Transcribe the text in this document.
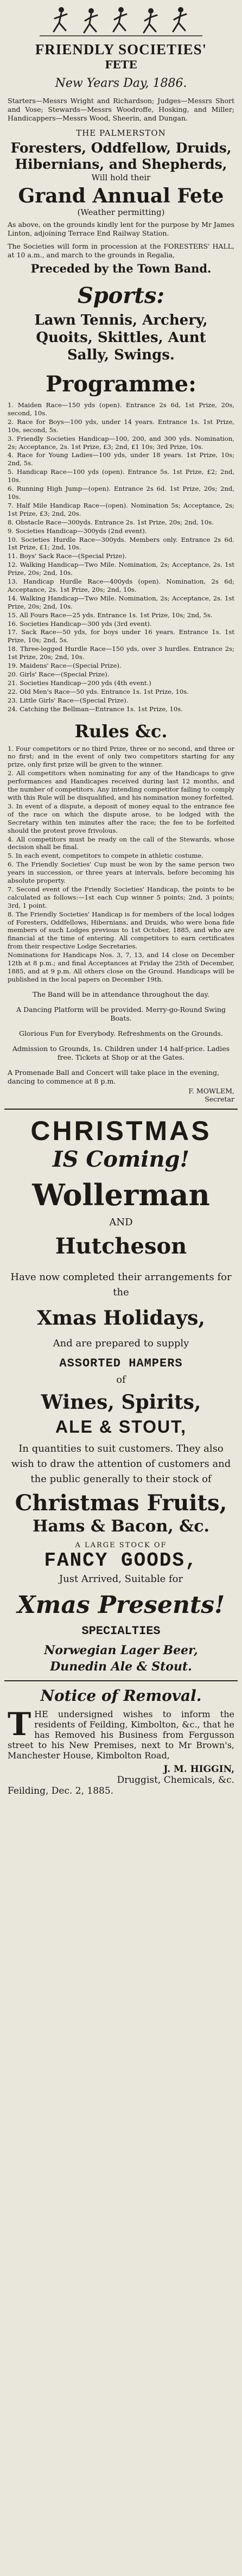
FRIENDLY SOCIETIES'
FETE
New Years Day, 1886.
Starters—Messrs Wright and Richardson; Judges—Messrs Short and Vose; Stewards—Messrs Woodroffe, Hosking, and Miller; Handicappers—Messrs Wood, Sheerin, and Dungan.
THE PALMERSTON
Foresters, Oddfellow, Druids,
Hibernians, and Shepherds,
Will hold their
Grand Annual Fete
(Weather permitting)
As above, on the grounds kindly lent for the purpose by Mr James Linton, adjoining Terrace End Railway Station.
The Societies will form in procession at the FORESTERS' HALL, at 10 a.m., and march to the grounds in Regalia,
Preceded by the Town Band.
Sports:
Lawn Tennis, Archery,
Quoits, Skittles, Aunt
Sally, Swings.
Programme:

1. Maiden Race—150 yds (open). Entrance 2s 6d, 1st Prize, 20s, second, 10s.

2. Race for Boys—100 yds, under 14 years. Entrance 1s. 1st Prize, 10s, second, 5s.

3. Friendly Societies Handicap—100, 200, and 300 yds. Nomination, 2s; Acceptance, 2s. 1st Prize, £3; 2nd, £1 10s; 3rd Prize, 10s.

4. Race for Young Ladies—100 yds, under 18 years. 1st Prize, 10s; 2nd, 5s.

5. Handicap Race—100 yds (open). Entrance 5s. 1st Prize, £2; 2nd, 10s.

6. Running High Jump—(open). Entrance 2s 6d. 1st Prize, 20s; 2nd, 10s.

7. Half Mile Handicap Race—(open). Nomination 5s; Acceptance, 2s; 1st Prize, £3; 2nd, 20s.

8. Obstacle Race—300yds. Entrance 2s. 1st Prize, 20s; 2nd, 10s.

9. Societies Handicap—300yds (2nd event).

10. Societies Hurdle Race—300yds. Members only. Entrance 2s 6d. 1st Prize, £1; 2nd, 10s.

11. Boys' Sack Race—(Special Prize).

12. Walking Handicap—Two Mile. Nomination, 2s; Acceptance, 2s. 1st Prize, 20s; 2nd, 10s.

13. Handicap Hurdle Race—400yds (open). Nomination, 2s 6d; Acceptance, 2s. 1st Prize, 20s; 2nd, 10s.

14. Walking Handicap—Two Mile. Nomination, 2s; Acceptance, 2s. 1st Prize, 20s; 2nd, 10s.

15. All Fours Race—25 yds. Entrance 1s. 1st Prize, 10s; 2nd, 5s.

16. Societies Handicap—300 yds (3rd event).

17. Sack Race—50 yds, for boys under 16 years. Entrance 1s. 1st Prize, 10s; 2nd, 5s.

18. Three-legged Hurdle Race—150 yds, over 3 hurdles. Entrance 2s; 1st Prize, 20s; 2nd, 10s.

19. Maidens' Race—(Special Prize).

20. Girls' Race—(Special Prize).

21. Societies Handicap—200 yds (4th event.)

22. Old Men's Race—50 yds. Entrance 1s. 1st Prize, 10s.

23. Little Girls' Race—(Special Prize).

24. Catching the Bellman—Entrance 1s. 1st Prize, 10s.

Rules &c.

1. Four competitors or no third Prize, three or no second, and three or no first; and in the event of only two competitors starting for any prize, only first prize will be given to the winner.

2. All competitors when nominating for any of the Handicaps to give performances and Handicapes received during last 12 months, and the number of competitors. Any intending competitor failing to comply with this Rule will be disqualified, and his nomination money forfeited.

3. In event of a dispute, a deposit of money equal to the entrance fee of the race on which the dispute arose, to be lodged with the Secretary within ten minutes after the race; the fee to be forfeited should the protest prove frivolous.

4. All competitors must be ready on the call of the Stewards, whose decision shall be final.

5. In each event, competitors to compete in athletic costume.

6. The Friendly Societies' Cup must be won by the same person two years in succession, or three years at intervals, before becoming his absolute property.

7. Second event of the Friendly Societies' Handicap, the points to be calculated as follows:—1st each Cup winner 5 points; 2nd, 3 points; 3rd, 1 point.

8. The Friendly Societies' Handicap is for members of the local lodges of Foresters, Oddfellows, Hibernians, and Druids, who were bona fide members of such Lodges previous to 1st October, 1885, and who are financial at the time of entering. All competitors to earn certificates from their respective Lodge Secretaries.

Nominations for Handicaps Nos. 3, 7, 13, and 14 close on December 12th at 8 p.m.; and final Acceptances at Friday the 25th of December, 1885, and at 9 p.m. All others close on the Ground. Handicaps will be published in the local papers on December 19th.

The Band will be in attendance throughout the day.
A Dancing Platform will be provided. Merry-go-Round Swing Boats.
Glorious Fun for Everybody. Refreshments on the Grounds.
Admission to Grounds, 1s. Children under 14 half-price. Ladies free. Tickets at Shop or at the Gates.
A Promenade Ball and Concert will take place in the evening, dancing to commence at 8 p.m.
F. MOWLEM,
Secretar
CHRISTMAS
IS Coming!
Wollerman
AND
Hutcheson
Have now completed their arrangements for the
Xmas Holidays,
And are prepared to supply
ASSORTED HAMPERS
of
Wines, Spirits,
ALE & STOUT,
In quantities to suit customers. They also wish to draw the attention of customers and the public generally to their stock of
Christmas Fruits,
Hams & Bacon, &c.
A LARGE STOCK OF
FANCY GOODS,
Just Arrived, Suitable for
Xmas Presents!
SPECIALTIES
Norwegian Lager Beer,
Dunedin Ale & Stout.
Notice of Removal.
T HE undersigned wishes to inform the residents of Feilding, Kimbolton, &c., that he has Removed his Business from Fergusson street to his New Premises, next to Mr Brown's, Manchester House, Kimbolton Road,
J. M. HIGGIN,
Druggist, Chemicals, &c.
Feilding, Dec. 2, 1885.
